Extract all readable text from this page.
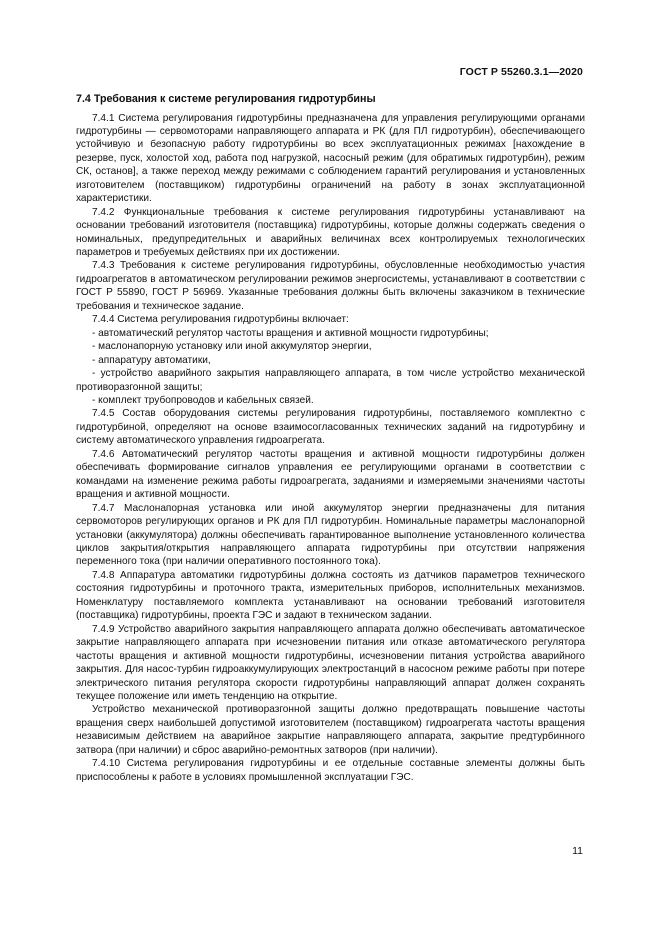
ГОСТ Р 55260.3.1—2020

7.4 Требования к системе регулирования гидротурбины

7.4.1 Система регулирования гидротурбины предназначена для управления регулирующими органами гидротурбины — сервомоторами направляющего аппарата и РК (для ПЛ гидротурбин), обеспечивающего устойчивую и безопасную работу гидротурбины во всех эксплуатационных режимах [нахождение в резерве, пуск, холостой ход, работа под нагрузкой, насосный режим (для обратимых гидротурбин), режим СК, останов], а также переход между режимами с соблюдением гарантий регулирования и установленных изготовителем (поставщиком) гидротурбины ограничений на работу в зонах эксплуатационной характеристики.

7.4.2 Функциональные требования к системе регулирования гидротурбины устанавливают на основании требований изготовителя (поставщика) гидротурбины, которые должны содержать сведения о номинальных, предупредительных и аварийных величинах всех контролируемых технологических параметров и требуемых действиях при их достижении.

7.4.3 Требования к системе регулирования гидротурбины, обусловленные необходимостью участия гидроагрегатов в автоматическом регулировании режимов энергосистемы, устанавливают в соответствии с ГОСТ Р 55890, ГОСТ Р 56969. Указанные требования должны быть включены заказчиком в технические требования и техническое задание.

7.4.4 Система регулирования гидротурбины включает:

- автоматический регулятор частоты вращения и активной мощности гидротурбины;

- маслонапорную установку или иной аккумулятор энергии,

- аппаратуру автоматики,

- устройство аварийного закрытия направляющего аппарата, в том числе устройство механической противоразгонной защиты;

- комплект трубопроводов и кабельных связей.

7.4.5 Состав оборудования системы регулирования гидротурбины, поставляемого комплектно с гидротурбиной, определяют на основе взаимосогласованных технических заданий на гидротурбину и систему автоматического управления гидроагрегата.

7.4.6 Автоматический регулятор частоты вращения и активной мощности гидротурбины должен обеспечивать формирование сигналов управления ее регулирующими органами в соответствии с командами на изменение режима работы гидроагрегата, заданиями и измеряемыми значениями частоты вращения и активной мощности.

7.4.7 Маслонапорная установка или иной аккумулятор энергии предназначены для питания сервомоторов регулирующих органов и РК для ПЛ гидротурбин. Номинальные параметры маслонапорной установки (аккумулятора) должны обеспечивать гарантированное выполнение установленного количества циклов закрытия/открытия направляющего аппарата гидротурбины при отсутствии напряжения переменного тока (при наличии оперативного постоянного тока).

7.4.8 Аппаратура автоматики гидротурбины должна состоять из датчиков параметров технического состояния гидротурбины и проточного тракта, измерительных приборов, исполнительных механизмов. Номенклатуру поставляемого комплекта устанавливают на основании требований изготовителя (поставщика) гидротурбины, проекта ГЭС и задают в техническом задании.

7.4.9 Устройство аварийного закрытия направляющего аппарата должно обеспечивать автоматическое закрытие направляющего аппарата при исчезновении питания или отказе автоматического регулятора частоты вращения и активной мощности гидротурбины, исчезновении питания устройства аварийного закрытия. Для насос-турбин гидроаккумулирующих электростанций в насосном режиме работы при потере электрического питания регулятора скорости гидротурбины направляющий аппарат должен сохранять текущее положение или иметь тенденцию на открытие.

Устройство механической противоразгонной защиты должно предотвращать повышение частоты вращения сверх наибольшей допустимой изготовителем (поставщиком) гидроагрегата частоты вращения независимым действием на аварийное закрытие направляющего аппарата, закрытие предтурбинного затвора (при наличии) и сброс аварийно-ремонтных затворов (при наличии).

7.4.10 Система регулирования гидротурбины и ее отдельные составные элементы должны быть приспособлены к работе в условиях промышленной эксплуатации ГЭС.

11
